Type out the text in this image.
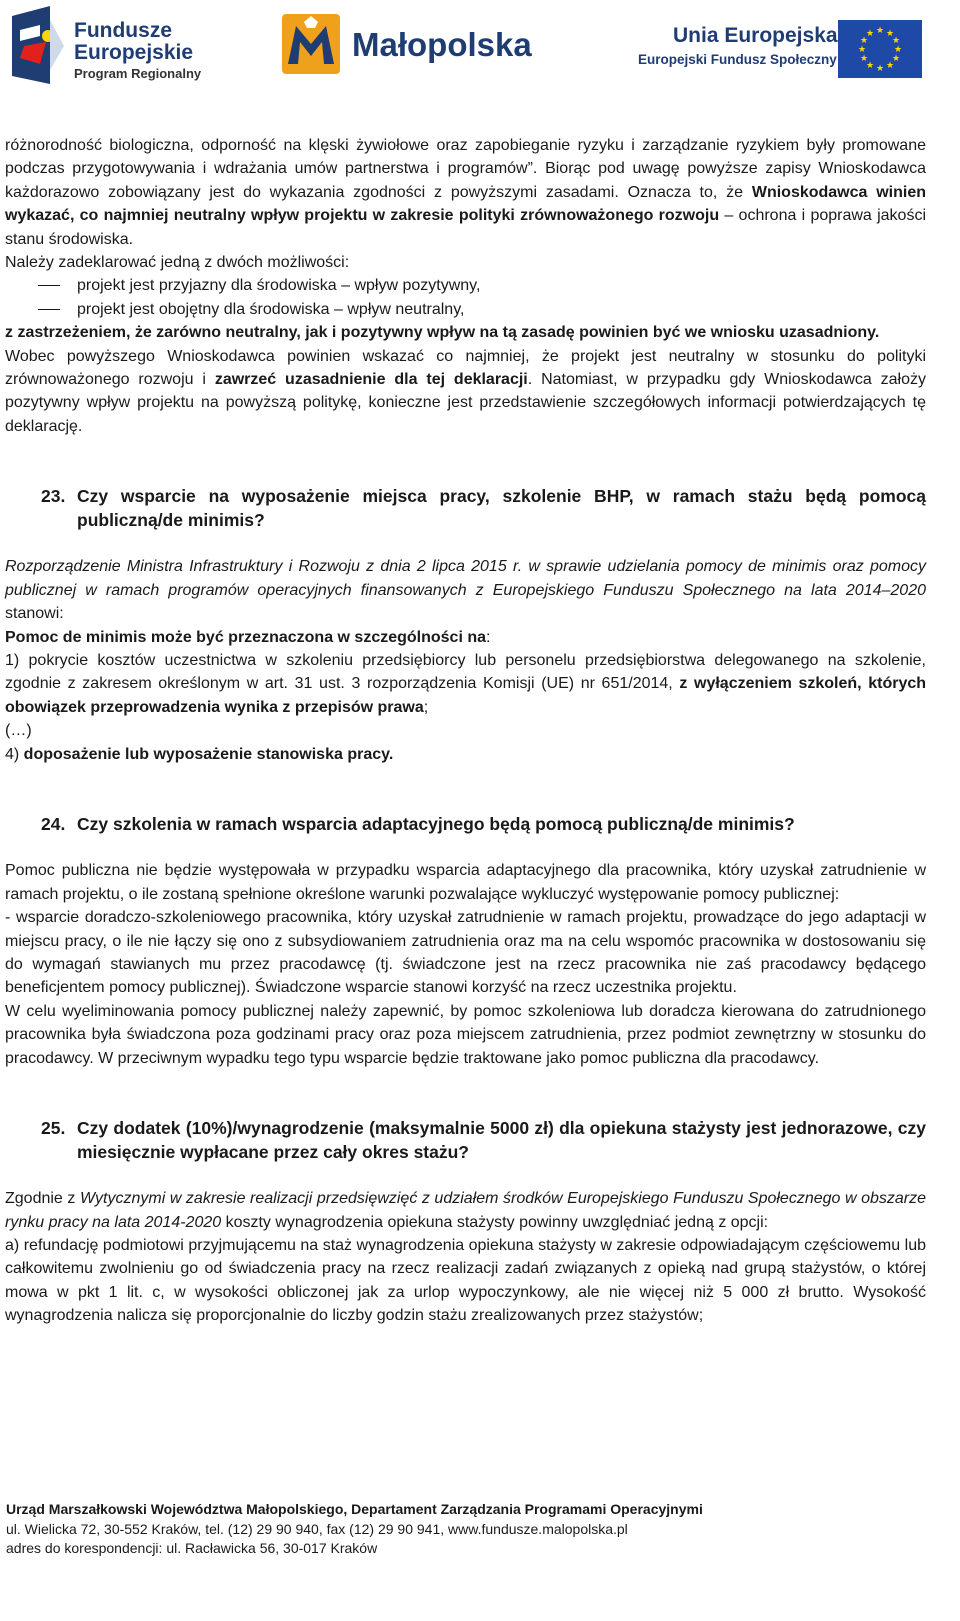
Fundusze
Europejskie
Program Regionalny
Małopolska	Unia Europejska
Europejski Fundusz Społeczny
★ ★
★
★
★
★
★
★
★
★
★
★

różnorodność biologiczna, odporność na klęski żywiołowe oraz zapobieganie ryzyku i zarządzanie ryzykiem były promowane podczas przygotowywania i wdrażania umów partnerstwa i programów”. Biorąc pod uwagę powyższe zapisy Wnioskodawca każdorazowo zobowiązany jest do wykazania zgodności z powyższymi zasadami. Oznacza to, że Wnioskodawca winien wykazać, co najmniej neutralny wpływ projektu w zakresie polityki zrównoważonego rozwoju – ochrona i poprawa jakości stanu środowiska.

Należy zadeklarować jedną z dwóch możliwości:

projekt jest przyjazny dla środowiska – wpływ pozytywny,

projekt jest obojętny dla środowiska – wpływ neutralny,

z zastrzeżeniem, że zarówno neutralny, jak i pozytywny wpływ na tą zasadę powinien być we wniosku uzasadniony.

Wobec powyższego Wnioskodawca powinien wskazać co najmniej, że projekt jest neutralny w stosunku do polityki zrównoważonego rozwoju i zawrzeć uzasadnienie dla tej deklaracji. Natomiast, w przypadku gdy Wnioskodawca założy pozytywny wpływ projektu na powyższą politykę, konieczne jest przedstawienie szczegółowych informacji potwierdzających tę deklarację.

23. Czy wsparcie na wyposażenie miejsca pracy, szkolenie BHP, w ramach stażu będą pomocą publiczną/de minimis?

Rozporządzenie Ministra Infrastruktury i Rozwoju z dnia 2 lipca 2015 r. w sprawie udzielania pomocy de minimis oraz pomocy publicznej w ramach programów operacyjnych finansowanych z Europejskiego Funduszu Społecznego na lata 2014–2020 stanowi:

Pomoc de minimis może być przeznaczona w szczególności na:

1) pokrycie kosztów uczestnictwa w szkoleniu przedsiębiorcy lub personelu przedsiębiorstwa delegowanego na szkolenie, zgodnie z zakresem określonym w art. 31 ust. 3 rozporządzenia Komisji (UE) nr 651/2014, z wyłączeniem szkoleń, których obowiązek przeprowadzenia wynika z przepisów prawa;

(…)

4) doposażenie lub wyposażenie stanowiska pracy.

24. Czy szkolenia w ramach wsparcia adaptacyjnego będą pomocą publiczną/de minimis?

Pomoc publiczna nie będzie występowała w przypadku wsparcia adaptacyjnego dla pracownika, który uzyskał zatrudnienie w ramach projektu, o ile zostaną spełnione określone warunki pozwalające wykluczyć występowanie pomocy publicznej:

- wsparcie doradczo-szkoleniowego pracownika, który uzyskał zatrudnienie w ramach projektu, prowadzące do jego adaptacji w miejscu pracy, o ile nie łączy się ono z subsydiowaniem zatrudnienia oraz ma na celu wspomóc pracownika w dostosowaniu się do wymagań stawianych mu przez pracodawcę (tj. świadczone jest na rzecz pracownika nie zaś pracodawcy będącego beneficjentem pomocy publicznej). Świadczone wsparcie stanowi korzyść na rzecz uczestnika projektu.

W celu wyeliminowania pomocy publicznej należy zapewnić, by pomoc szkoleniowa lub doradcza kierowana do zatrudnionego pracownika była świadczona poza godzinami pracy oraz poza miejscem zatrudnienia, przez podmiot zewnętrzny w stosunku do pracodawcy. W przeciwnym wypadku tego typu wsparcie będzie traktowane jako pomoc publiczna dla pracodawcy.

25. Czy dodatek (10%)/wynagrodzenie (maksymalnie 5000 zł) dla opiekuna stażysty jest jednorazowe, czy miesięcznie wypłacane przez cały okres stażu?

Zgodnie z Wytycznymi w zakresie realizacji przedsięwzięć z udziałem środków Europejskiego Funduszu Społecznego w obszarze rynku pracy na lata 2014-2020 koszty wynagrodzenia opiekuna stażysty powinny uwzględniać jedną z opcji:

a) refundację podmiotowi przyjmującemu na staż wynagrodzenia opiekuna stażysty w zakresie odpowiadającym częściowemu lub całkowitemu zwolnieniu go od świadczenia pracy na rzecz realizacji zadań związanych z opieką nad grupą stażystów, o której mowa w pkt 1 lit. c, w wysokości obliczonej jak za urlop wypoczynkowy, ale nie więcej niż 5 000 zł brutto. Wysokość wynagrodzenia nalicza się proporcjonalnie do liczby godzin stażu zrealizowanych przez stażystów;

Urząd Marszałkowski Województwa Małopolskiego, Departament Zarządzania Programami Operacyjnymi
ul. Wielicka 72, 30-552 Kraków, tel. (12) 29 90 940, fax (12) 29 90 941, www.fundusze.malopolska.pl
adres do korespondencji: ul. Racławicka 56, 30-017 Kraków
